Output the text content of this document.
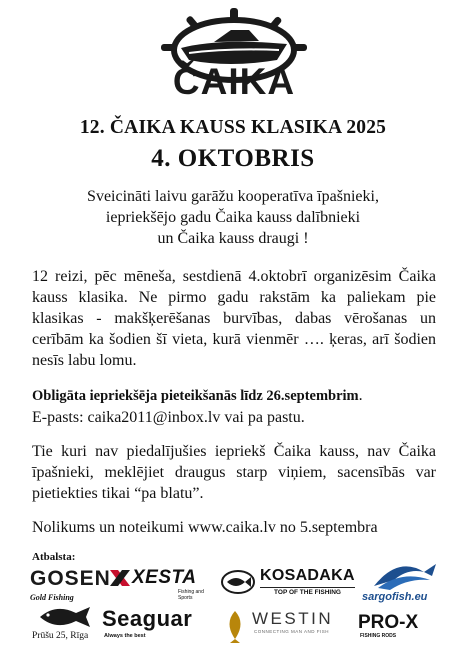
ČAIKA
12. ČAIKA KAUSS KLASIKA 2025
4. OKTOBRIS
Sveicināti laivu garāžu kooperatīva īpašnieki,
iepriekšējo gadu Čaika kauss dalībnieki
un Čaika kauss draugi !
12 reizi, pēc mēneša, sestdienā 4.oktobrī organizēsim Čaika kauss klasika. Ne pirmo gadu rakstām ka paliekam pie klasikas - makšķerēšanas burvības, dabas vērošanas un cerībām ka šodien šī vieta, kurā vienmēr …. ķeras, arī šodien nesīs labu lomu.
Obligāta iepriekšēja pieteikšanās līdz 26.septembrim.
E-pasts: caika2011@inbox.lv vai pa pastu.
Tie kuri nav piedalījušies iepriekš Čaika kauss, nav Čaika īpašnieki, meklējiet draugus starp viņiem, sacensībās var pietiekties tikai “pa blatu”.
Nolikums un noteikumi www.caika.lv no 5.septembra
Atbalsta:
GOSEN XESTA
Fishing and Sports
KOSADAKA
TOP OF THE FISHING	sargofish.eu
Gold Fishing
Prūšu 25, Rīga
Seaguar
Always the best
WESTIN
CONNECTING MAN AND FISH PRO-X
FISHING RODS
